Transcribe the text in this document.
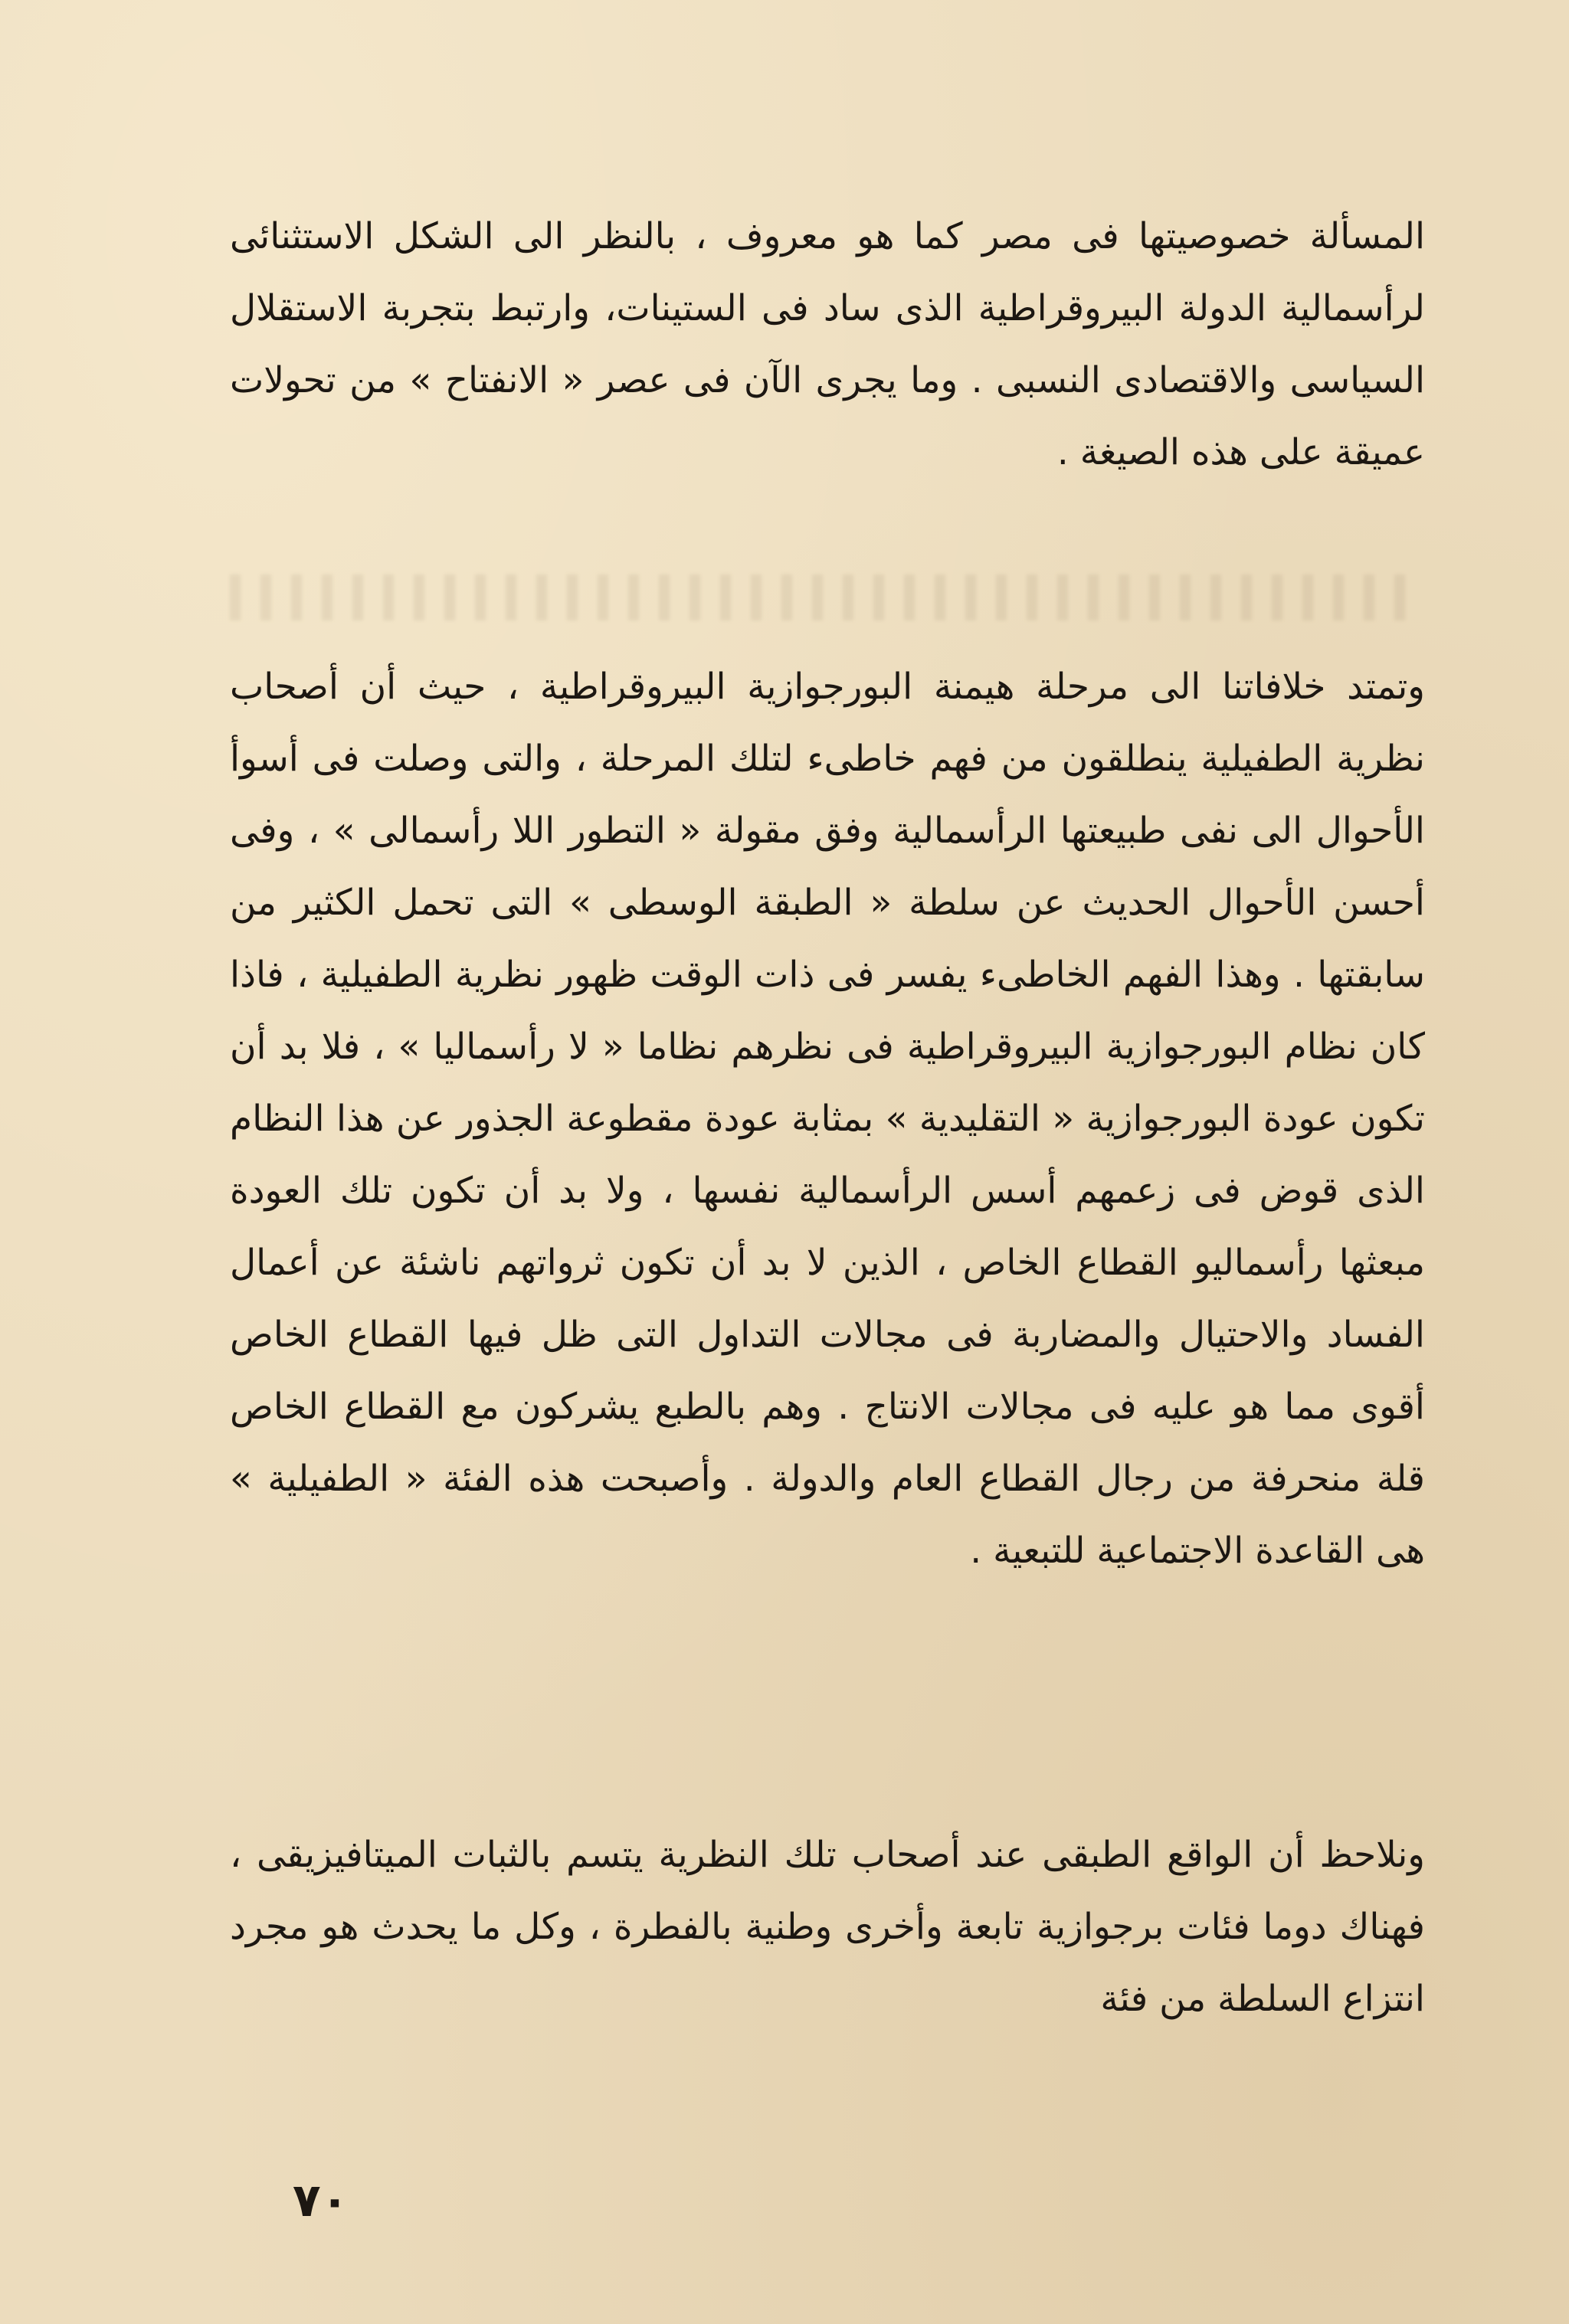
المسألة خصوصيتها فى مصر كما هو معروف ، بالنظر الى الشكل الاستثنائى لرأسمالية الدولة البيروقراطية الذى ساد فى الستينات، وارتبط بتجربة الاستقلال السياسى والاقتصادى النسبى . وما يجرى الآن فى عصر « الانفتاح » من تحولات عميقة على هذه الصيغة .

وتمتد خلافاتنا الى مرحلة هيمنة البورجوازية البيروقراطية ، حيث أن أصحاب نظرية الطفيلية ينطلقون من فهم خاطىء لتلك المرحلة ، والتى وصلت فى أسوأ الأحوال الى نفى طبيعتها الرأسمالية وفق مقولة « التطور اللا رأسمالى » ، وفى أحسن الأحوال الحديث عن سلطة « الطبقة الوسطى » التى تحمل الكثير من سابقتها . وهذا الفهم الخاطىء يفسر فى ذات الوقت ظهور نظرية الطفيلية ، فاذا كان نظام البورجوازية البيروقراطية فى نظرهم نظاما « لا رأسماليا » ، فلا بد أن تكون عودة البورجوازية « التقليدية » بمثابة عودة مقطوعة الجذور عن هذا النظام الذى قوض فى زعمهم أسس الرأسمالية نفسها ، ولا بد أن تكون تلك العودة مبعثها رأسماليو القطاع الخاص ، الذين لا بد أن تكون ثرواتهم ناشئة عن أعمال الفساد والاحتيال والمضاربة فى مجالات التداول التى ظل فيها القطاع الخاص أقوى مما هو عليه فى مجالات الانتاج . وهم بالطبع يشركون مع القطاع الخاص قلة منحرفة من رجال القطاع العام والدولة . وأصبحت هذه الفئة « الطفيلية » هى القاعدة الاجتماعية للتبعية .

ونلاحظ أن الواقع الطبقى عند أصحاب تلك النظرية يتسم بالثبات الميتافيزيقى ، فهناك دوما فئات برجوازية تابعة وأخرى وطنية بالفطرة ، وكل ما يحدث هو مجرد انتزاع السلطة من فئة

٧٠
